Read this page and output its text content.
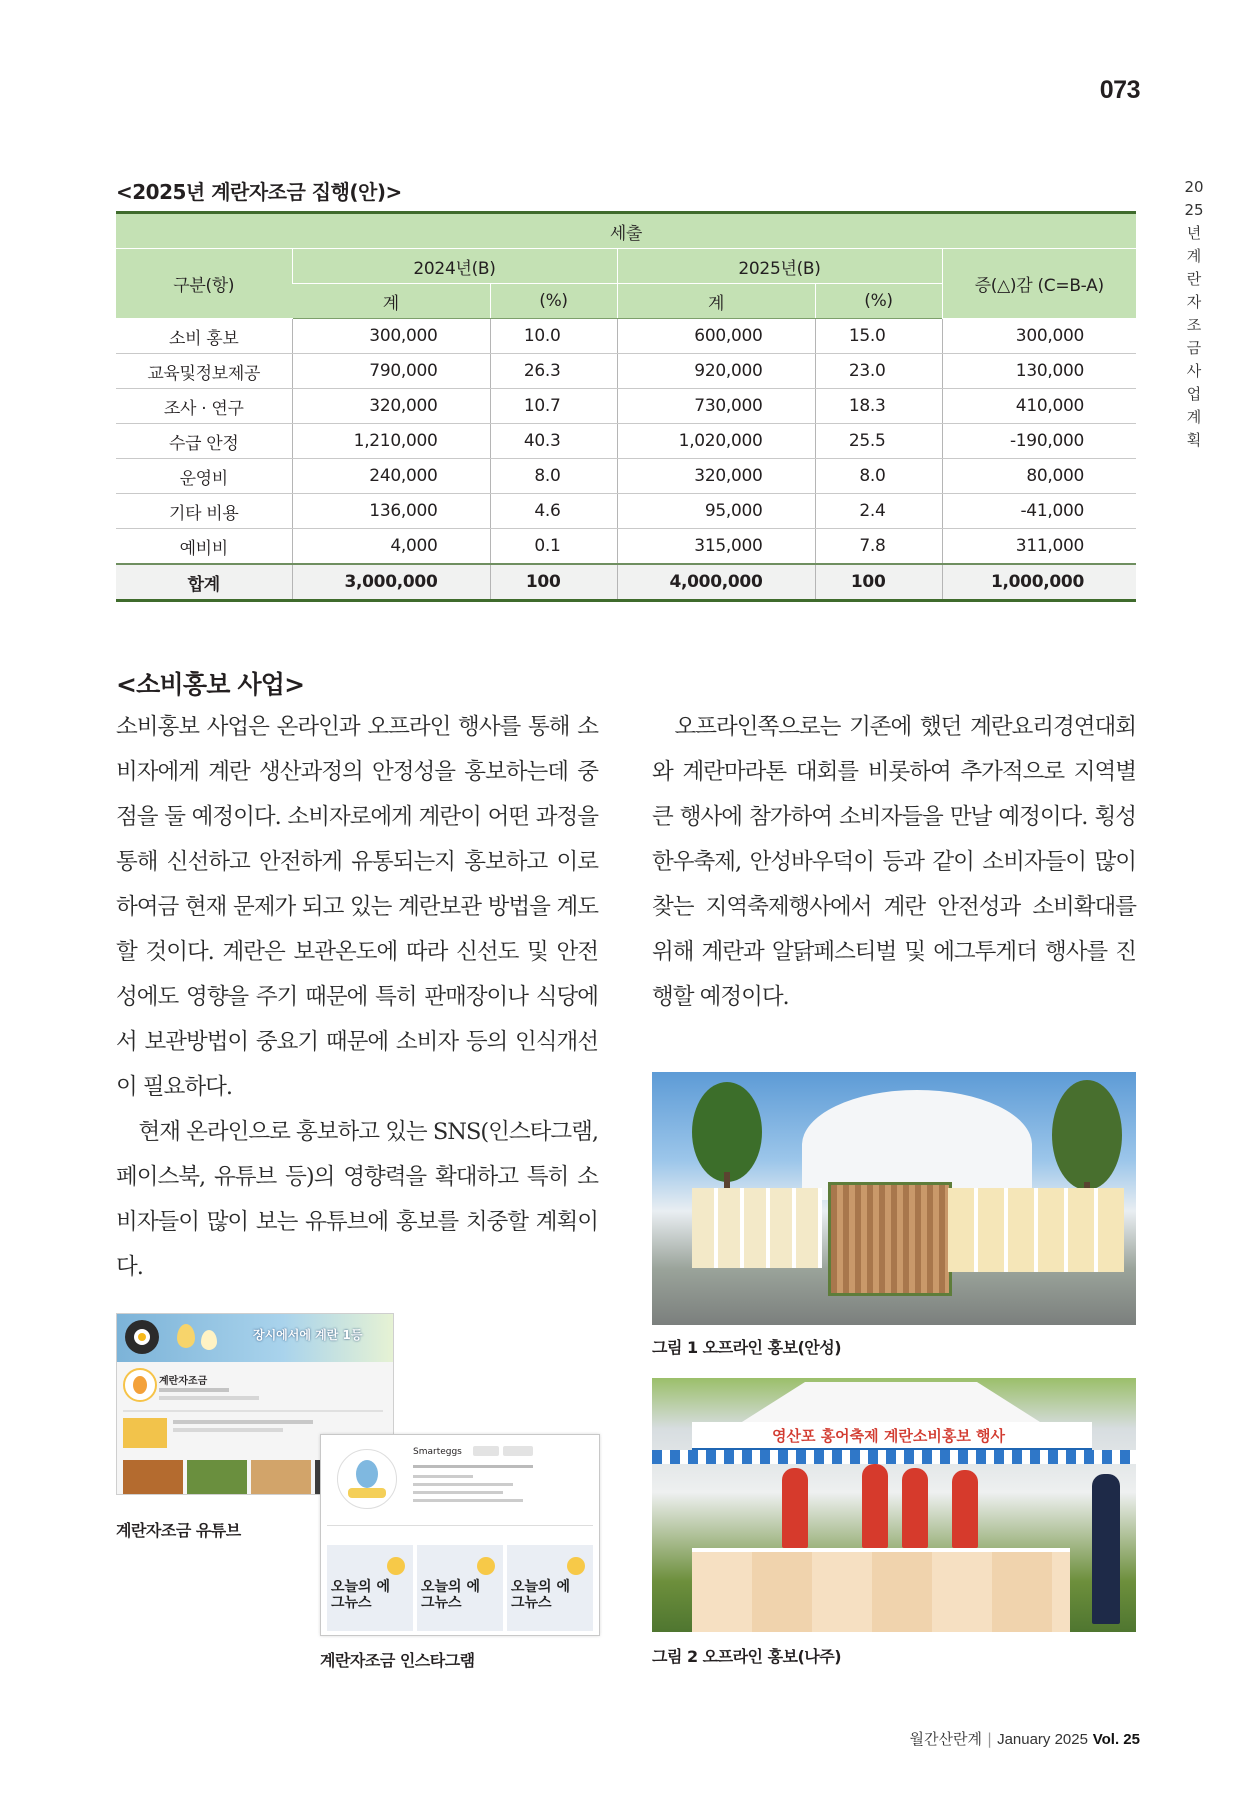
073
2025년 계란자조금 사업계획
<2025년 계란자조금 집행(안)>
세출					
구분(항)	2024년(B)		2025년(B)		증(△)감 (C=B-A)
	계	(%)	계	(%)	
소비 홍보	300,000	10.0	600,000	15.0	300,000
교육및정보제공	790,000	26.3	920,000	23.0	130,000
조사 · 연구	320,000	10.7	730,000	18.3	410,000
수급 안정	1,210,000	40.3	1,020,000	25.5	-190,000
운영비	240,000	8.0	320,000	8.0	80,000
기타 비용	136,000	4.6	95,000	2.4	-41,000
예비비	4,000	0.1	315,000	7.8	311,000
합계	3,000,000	100	4,000,000	100	1,000,000
<소비홍보 사업>

소비홍보 사업은 온라인과 오프라인 행사를 통해 소비자에게 계란 생산과정의 안정성을 홍보하는데 중점을 둘 예정이다. 소비자로에게 계란이 어떤 과정을 통해 신선하고 안전하게 유통되는지 홍보하고 이로 하여금 현재 문제가 되고 있는 계란보관 방법을 계도할 것이다. 계란은 보관온도에 따라 신선도 및 안전성에도 영향을 주기 때문에 특히 판매장이나 식당에서 보관방법이 중요기 때문에 소비자 등의 인식개선이 필요하다.

현재 온라인으로 홍보하고 있는 SNS(인스타그램, 페이스북, 유튜브 등)의 영향력을 확대하고 특히 소비자들이 많이 보는 유튜브에 홍보를 치중할 계획이다.

오프라인쪽으로는 기존에 했던 계란요리경연대회와 계란마라톤 대회를 비롯하여 추가적으로 지역별 큰 행사에 참가하여 소비자들을 만날 예정이다. 횡성한우축제, 안성바우덕이 등과 같이 소비자들이 많이 찾는 지역축제행사에서 계란 안전성과 소비확대를 위해 계란과 알닭페스티벌 및 에그투게더 행사를 진행할 예정이다.

장시에서에 계란 1등
계란자조금
계란자조금 유튜브
Smarteggs
오늘의 에그뉴스
오늘의 에그뉴스
오늘의 에그뉴스
계란자조금 인스타그램
그림 1 오프라인 홍보(안성)
영산포 홍어축제 계란소비홍보 행사
그림 2 오프라인 홍보(나주)
월간산란계 | January 2025 Vol. 25
